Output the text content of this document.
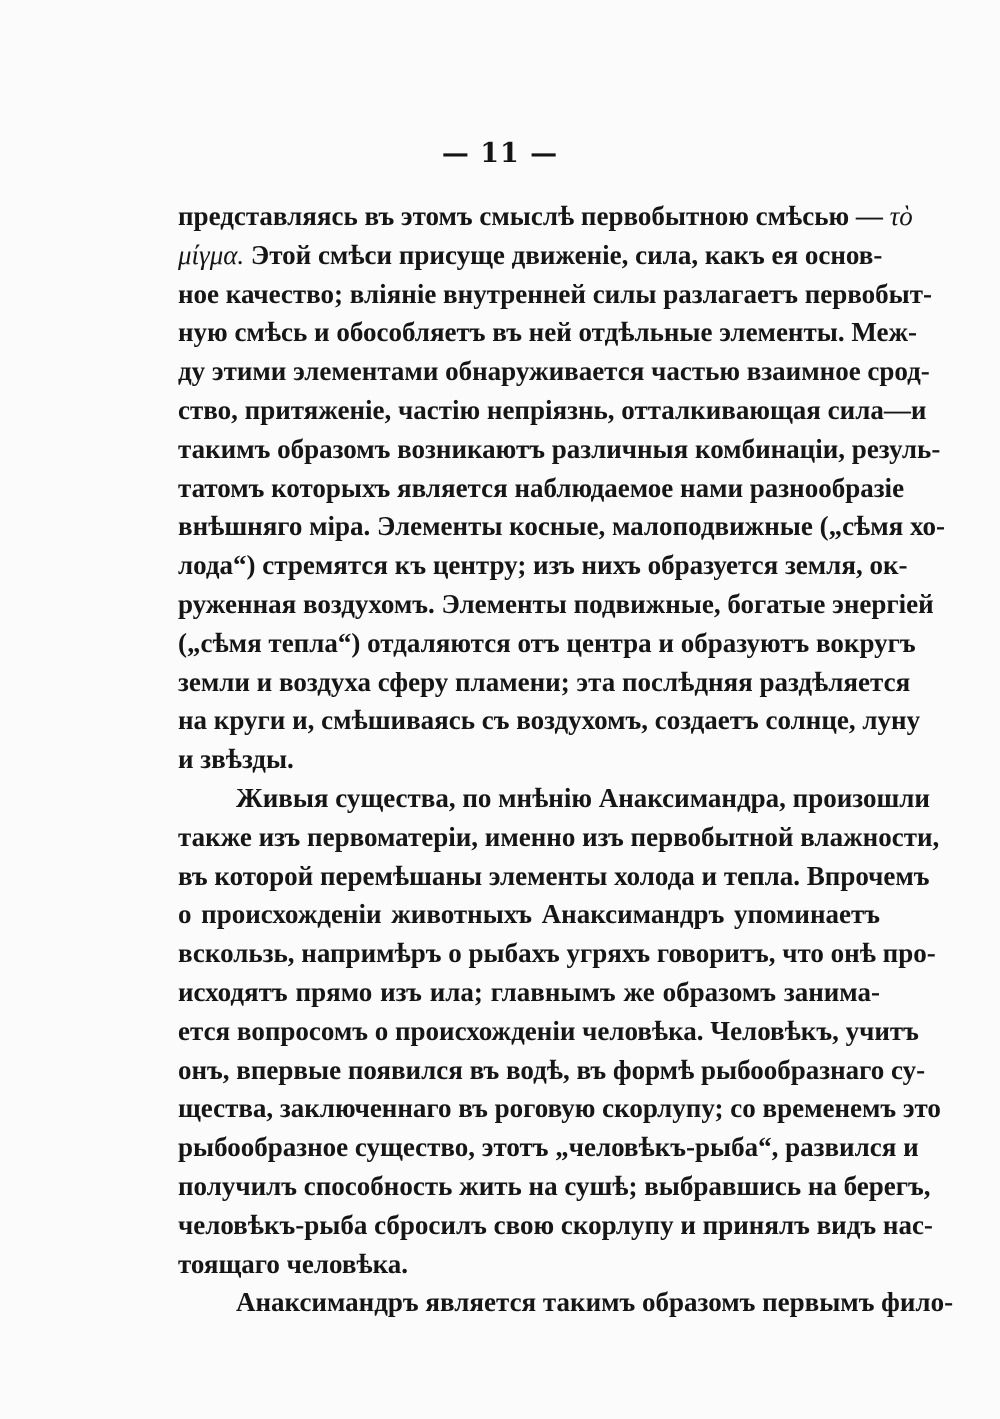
— 11 —
представляясь въ этомъ смыслѣ первобытною смѣсью — τὸ
μίγμα. Этой смѣси присуще движеніе, сила, какъ ея основ-
ное качество; вліяніе внутренней силы разлагаетъ первобыт-
ную смѣсь и обособляетъ въ ней отдѣльные элементы. Меж-
ду этими элементами обнаруживается частью взаимное срод-
ство, притяженіе, частію непріязнь, отталкивающая сила—и
такимъ образомъ возникаютъ различныя комбинаціи, резуль-
татомъ которыхъ является наблюдаемое нами разнообразіе
внѣшняго міра. Элементы косные, малоподвижные („сѣмя хо-
лода“) стремятся къ центру; изъ нихъ образуется земля, ок-
руженная воздухомъ. Элементы подвижные, богатые энергіей
(„сѣмя тепла“) отдаляются отъ центра и образуютъ вокругъ
земли и воздуха сферу пламени; эта послѣдняя раздѣляется
на круги и, смѣшиваясь съ воздухомъ, создаетъ солнце, луну
и звѣзды.
Живыя существа, по мнѣнію Анаксимандра, произошли
также изъ первоматеріи, именно изъ первобытной влажности,
въ которой перемѣшаны элементы холода и тепла. Впрочемъ
о происхожденіи животныхъ Анаксимандръ упоминаетъ
вскользь, напримѣръ о рыбахъ угряхъ говоритъ, что онѣ про-
исходятъ прямо изъ ила; главнымъ же образомъ занима-
ется вопросомъ о происхожденіи человѣка. Человѣкъ, учитъ
онъ, впервые появился въ водѣ, въ формѣ рыбообразнаго су-
щества, заключеннаго въ роговую скорлупу; со временемъ это
рыбообразное существо, этотъ „человѣкъ-рыба“, развился и
получилъ способность жить на сушѣ; выбравшись на берегъ,
человѣкъ-рыба сбросилъ свою скорлупу и принялъ видъ нас-
тоящаго человѣка.
Анаксимандръ является такимъ образомъ первымъ фило-
